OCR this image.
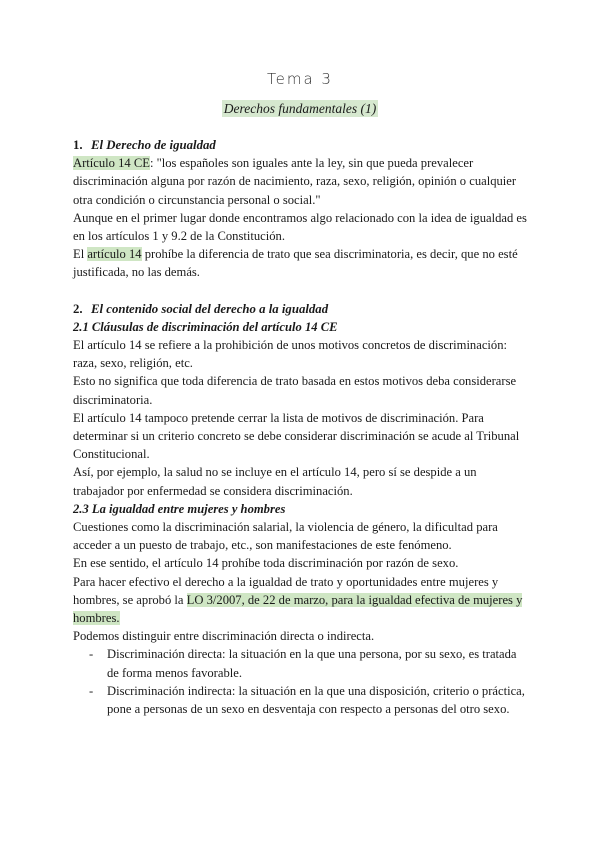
Tema 3
Derechos fundamentales (1)

1. El Derecho de igualdad

Artículo 14 CE: "los españoles son iguales ante la ley, sin que pueda prevalecer discriminación alguna por razón de nacimiento, raza, sexo, religión, opinión o cualquier otra condición o circunstancia personal o social."

Aunque en el primer lugar donde encontramos algo relacionado con la idea de igualdad es en los artículos 1 y 9.2 de la Constitución.

El artículo 14 prohíbe la diferencia de trato que sea discriminatoria, es decir, que no esté justificada, no las demás.

2. El contenido social del derecho a la igualdad

2.1 Cláusulas de discriminación del artículo 14 CE

El artículo 14 se refiere a la prohibición de unos motivos concretos de discriminación: raza, sexo, religión, etc.

Esto no significa que toda diferencia de trato basada en estos motivos deba considerarse discriminatoria.

El artículo 14 tampoco pretende cerrar la lista de motivos de discriminación. Para determinar si un criterio concreto se debe considerar discriminación se acude al Tribunal Constitucional.

Así, por ejemplo, la salud no se incluye en el artículo 14, pero sí se despide a un trabajador por enfermedad se considera discriminación.

2.3 La igualdad entre mujeres y hombres

Cuestiones como la discriminación salarial, la violencia de género, la dificultad para acceder a un puesto de trabajo, etc., son manifestaciones de este fenómeno.

En ese sentido, el artículo 14 prohíbe toda discriminación por razón de sexo.

Para hacer efectivo el derecho a la igualdad de trato y oportunidades entre mujeres y hombres, se aprobó la LO 3/2007, de 22 de marzo, para la igualdad efectiva de mujeres y hombres.

Podemos distinguir entre discriminación directa o indirecta.

- Discriminación directa: la situación en la que una persona, por su sexo, es tratada de forma menos favorable.
- Discriminación indirecta: la situación en la que una disposición, criterio o práctica, pone a personas de un sexo en desventaja con respecto a personas del otro sexo.
